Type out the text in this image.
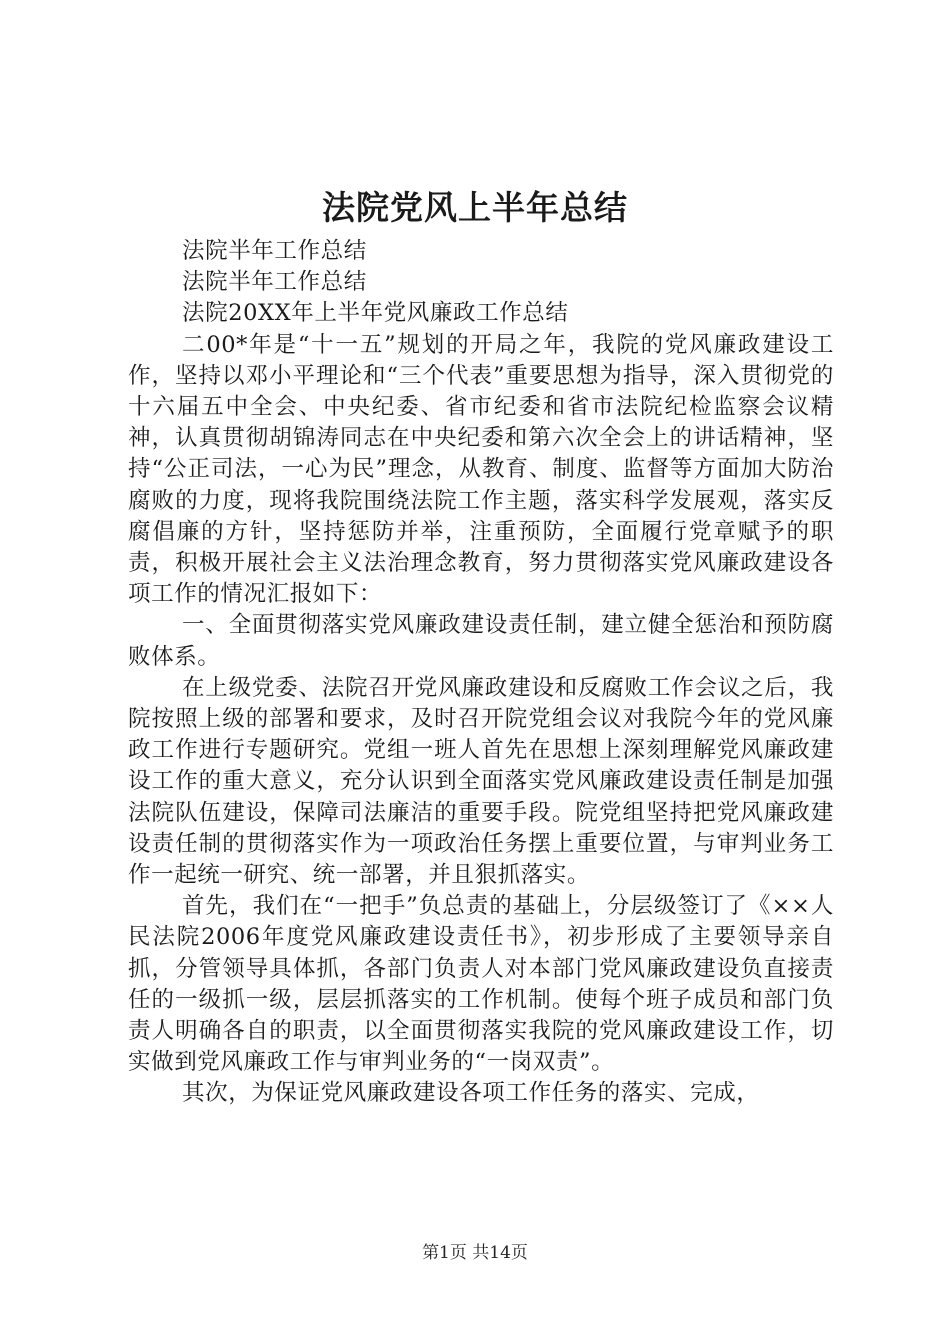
法院党风上半年总结

法院半年工作总结

法院半年工作总结

法院20XX年上半年党风廉政工作总结

二00*年是“十一五”规划的开局之年，我院的党风廉政建设工作，坚持以邓小平理论和“三个代表”重要思想为指导，深入贯彻党的十六届五中全会、中央纪委、省市纪委和省市法院纪检监察会议精神，认真贯彻胡锦涛同志在中央纪委和第六次全会上的讲话精神，坚持“公正司法，一心为民”理念，从教育、制度、监督等方面加大防治腐败的力度，现将我院围绕法院工作主题，落实科学发展观，落实反腐倡廉的方针，坚持惩防并举，注重预防，全面履行党章赋予的职责，积极开展社会主义法治理念教育，努力贯彻落实党风廉政建设各项工作的情况汇报如下：

一、全面贯彻落实党风廉政建设责任制，建立健全惩治和预防腐败体系。

在上级党委、法院召开党风廉政建设和反腐败工作会议之后，我院按照上级的部署和要求，及时召开院党组会议对我院今年的党风廉政工作进行专题研究。党组一班人首先在思想上深刻理解党风廉政建设工作的重大意义，充分认识到全面落实党风廉政建设责任制是加强法院队伍建设，保障司法廉洁的重要手段。院党组坚持把党风廉政建设责任制的贯彻落实作为一项政治任务摆上重要位置，与审判业务工作一起统一研究、统一部署，并且狠抓落实。

首先，我们在“一把手”负总责的基础上，分层级签订了《××人民法院2006年度党风廉政建设责任书》，初步形成了主要领导亲自抓，分管领导具体抓，各部门负责人对本部门党风廉政建设负直接责任的一级抓一级，层层抓落实的工作机制。使每个班子成员和部门负责人明确各自的职责，以全面贯彻落实我院的党风廉政建设工作，切实做到党风廉政工作与审判业务的“一岗双责”。

其次，为保证党风廉政建设各项工作任务的落实、完成，

第1页 共14页
